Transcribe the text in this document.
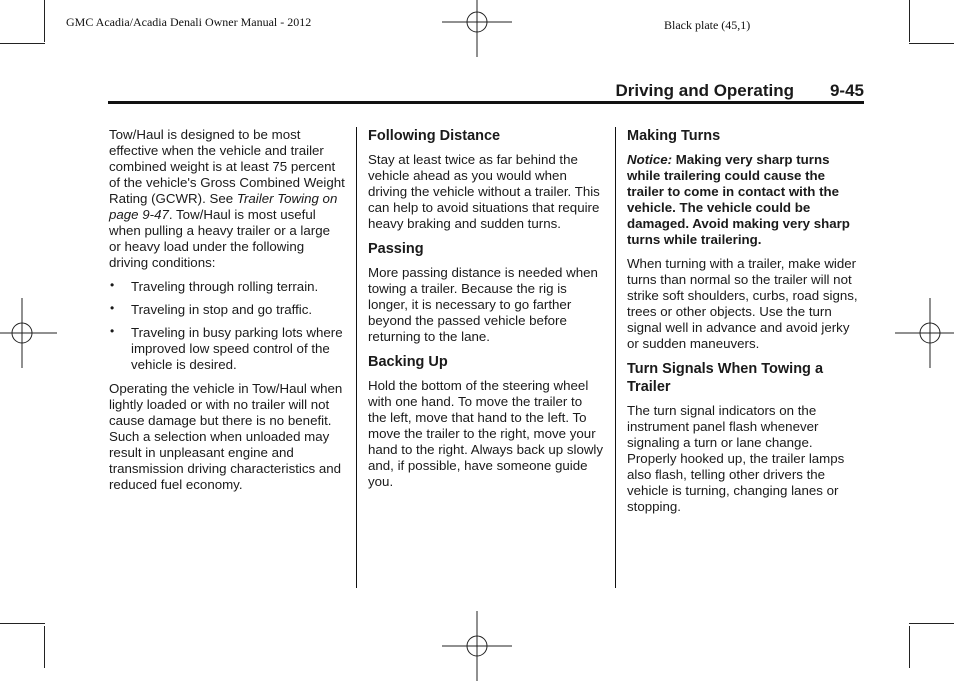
GMC Acadia/Acadia Denali Owner Manual - 2012	Black plate (45,1)
Driving and Operating 9-45

Tow/Haul is designed to be most effective when the vehicle and trailer combined weight is at least 75 percent of the vehicle's Gross Combined Weight Rating (GCWR). See Trailer Towing on page 9-47. Tow/Haul is most useful when pulling a heavy trailer or a large or heavy load under the following driving conditions:

• Traveling through rolling terrain.
• Traveling in stop and go traffic.
• Traveling in busy parking lots where improved low speed control of the vehicle is desired.

Operating the vehicle in Tow/Haul when lightly loaded or with no trailer will not cause damage but there is no benefit. Such a selection when unloaded may result in unpleasant engine and transmission driving characteristics and reduced fuel economy.

Following Distance

Stay at least twice as far behind the vehicle ahead as you would when driving the vehicle without a trailer. This can help to avoid situations that require heavy braking and sudden turns.

Passing

More passing distance is needed when towing a trailer. Because the rig is longer, it is necessary to go farther beyond the passed vehicle before returning to the lane.

Backing Up

Hold the bottom of the steering wheel with one hand. To move the trailer to the left, move that hand to the left. To move the trailer to the right, move your hand to the right. Always back up slowly and, if possible, have someone guide you.

Making Turns

Notice: Making very sharp turns while trailering could cause the trailer to come in contact with the vehicle. The vehicle could be damaged. Avoid making very sharp turns while trailering.

When turning with a trailer, make wider turns than normal so the trailer will not strike soft shoulders, curbs, road signs, trees or other objects. Use the turn signal well in advance and avoid jerky or sudden maneuvers.

Turn Signals When Towing a Trailer

The turn signal indicators on the instrument panel flash whenever signaling a turn or lane change. Properly hooked up, the trailer lamps also flash, telling other drivers the vehicle is turning, changing lanes or stopping.
